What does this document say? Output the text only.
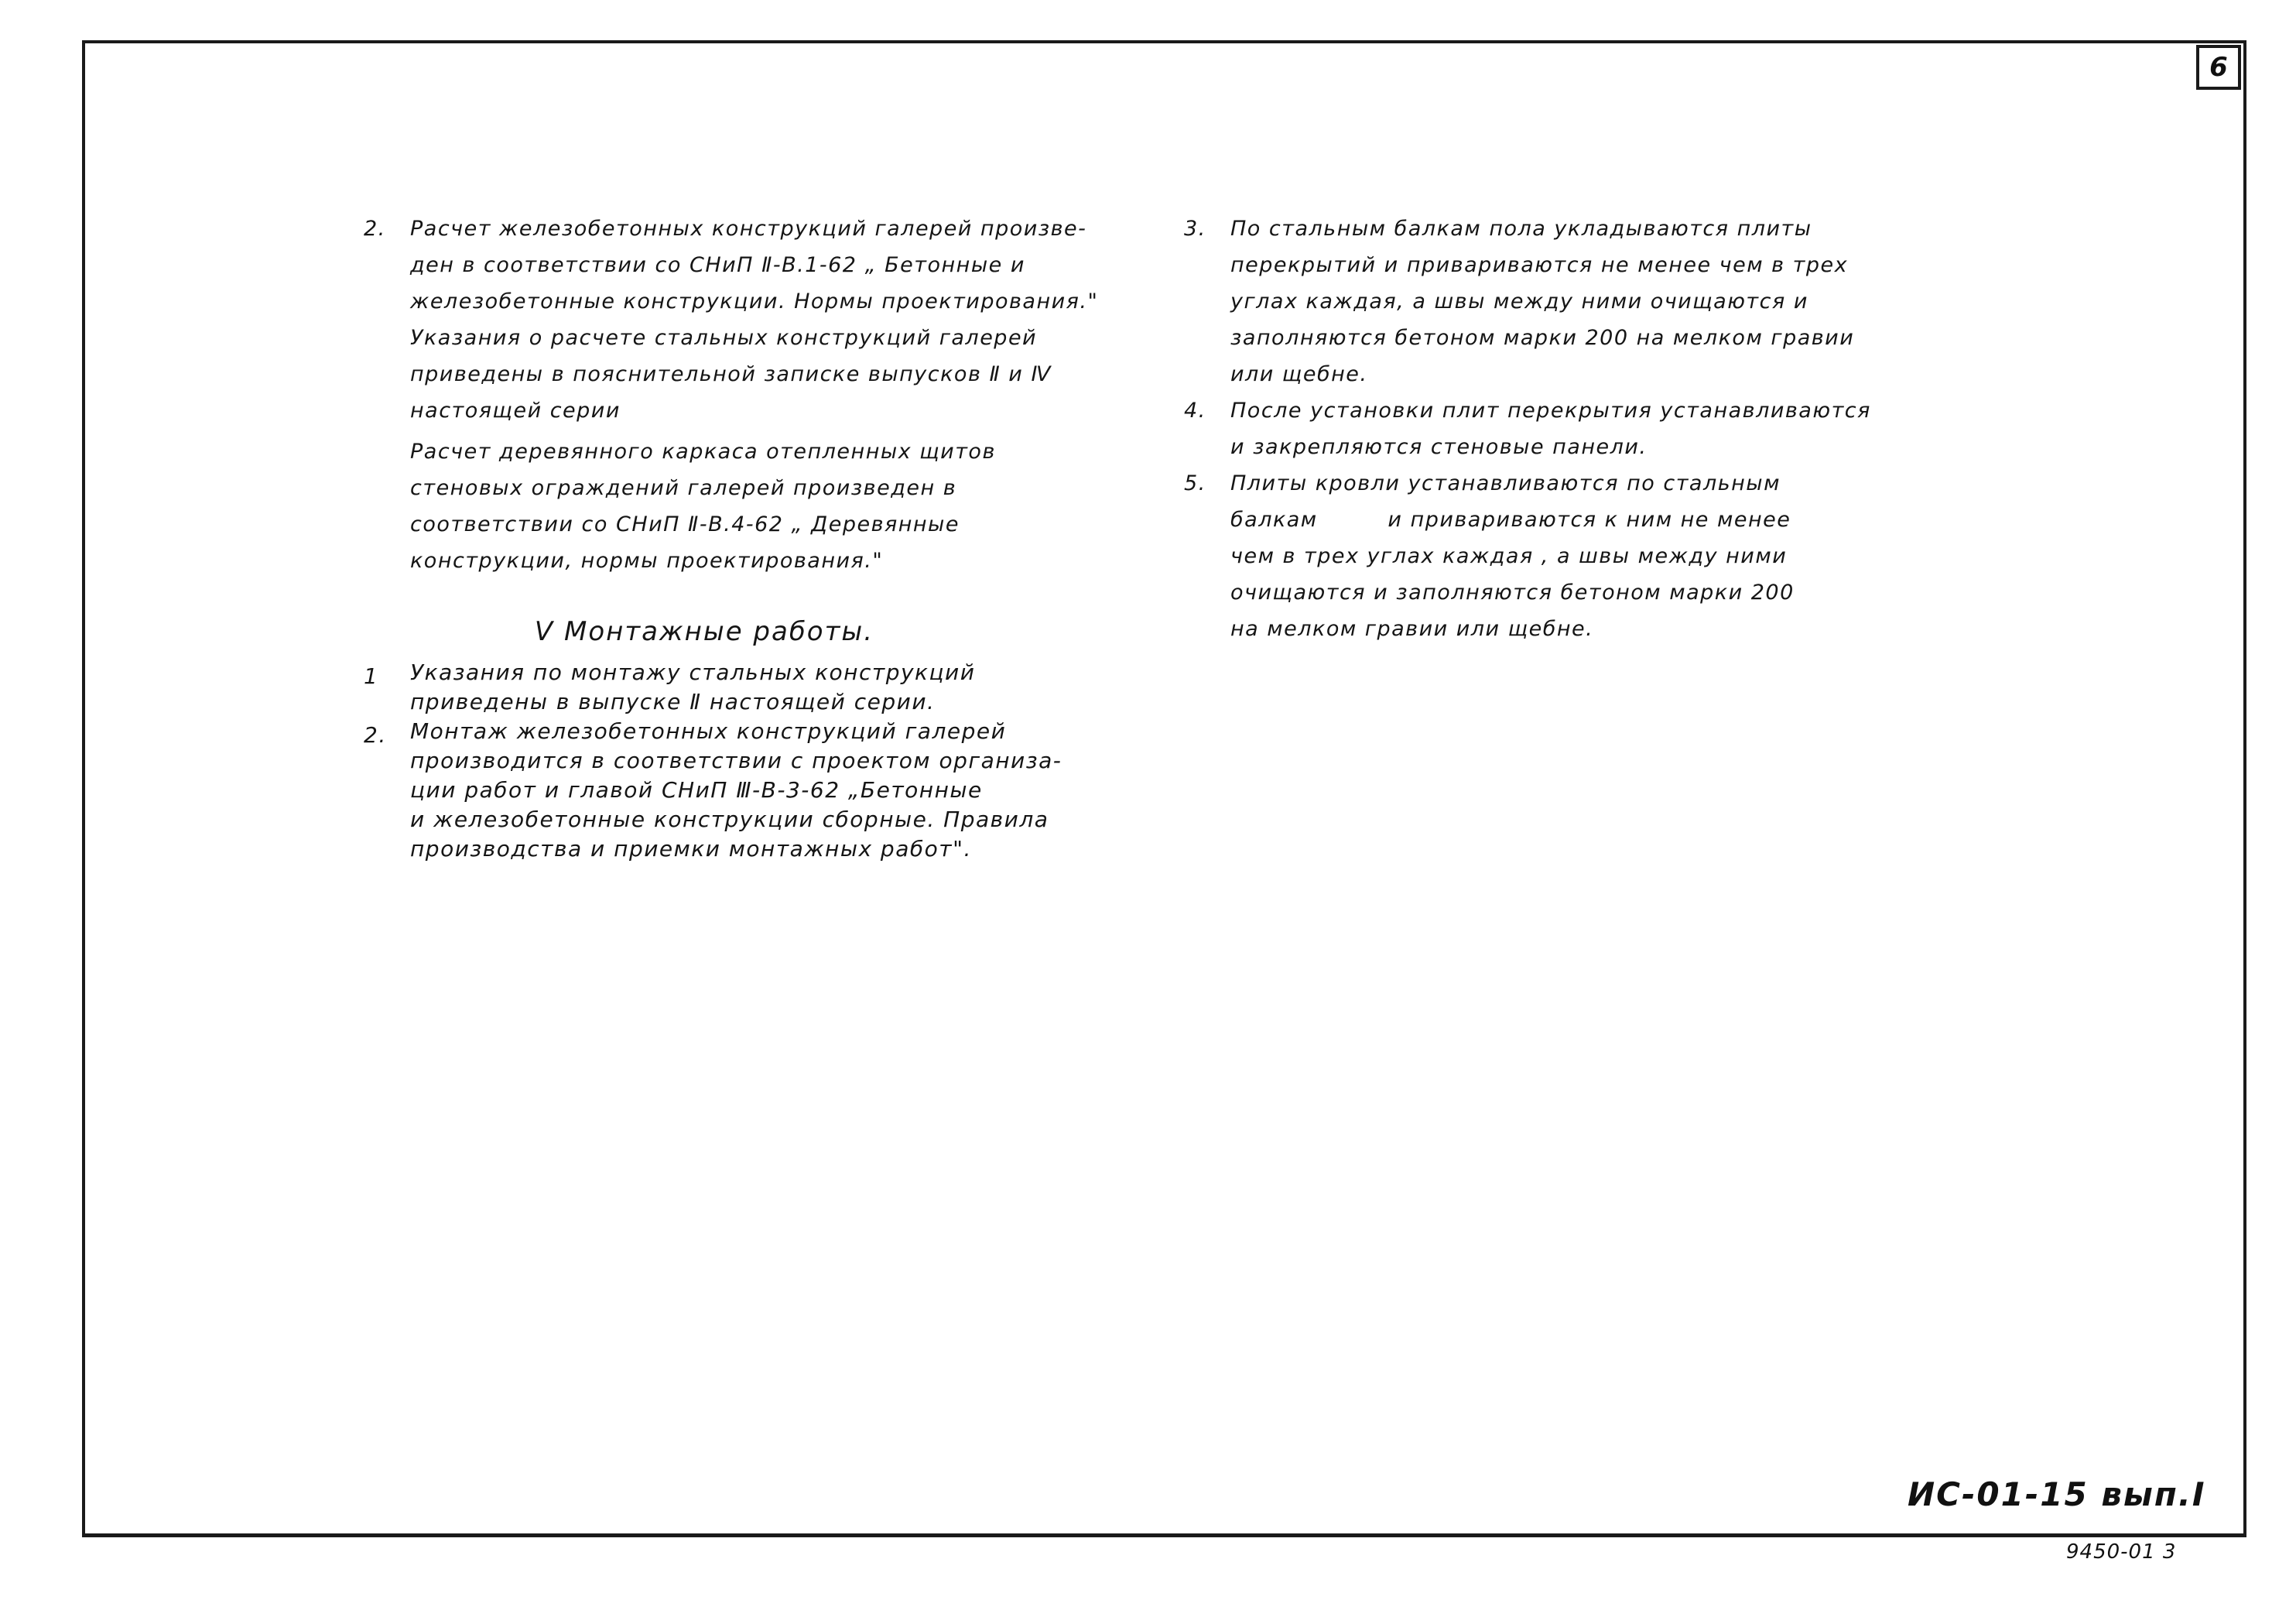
6
2.	Расчет железобетонных конструкций галерей произве-
ден в соответствии со СНиП Ⅱ-В.1-62 „ Бетонные и
железобетонные конструкции. Нормы проектирования."
Указания о расчете стальных конструкций галерей
приведены в пояснительной записке выпусков Ⅱ и Ⅳ
настоящей серии
Расчет деревянного каркаса отепленных щитов
стеновых ограждений галерей произведен в
соответствии со СНиП Ⅱ-В.4-62 „ Деревянные
конструкции, нормы проектирования."
Ⅴ Монтажные работы.
1	Указания по монтажу стальных конструкций
приведены в выпуске Ⅱ настоящей серии.
2.	Монтаж железобетонных конструкций галерей
производится в соответствии с проектом организа-
ции работ и главой СНиП Ⅲ-В-3-62 „Бетонные
и железобетонные конструкции сборные. Правила
производства и приемки монтажных работ".
3.	По стальным балкам пола укладываются плиты
перекрытий и привариваются не менее чем в трех
углах каждая, а швы между ними очищаются и
заполняются бетоном марки 200 на мелком гравии
или щебне.
4.	После установки плит перекрытия устанавливаются
и закрепляются стеновые панели.
5.	Плиты кровли устанавливаются по стальным
балкам         и привариваются к ним не менее
чем в трех углах каждая , а швы между ними
очищаются и заполняются бетоном марки 200
на мелком гравии или щебне.
ИС-01-15 вып.Ⅰ
9450-01 3
